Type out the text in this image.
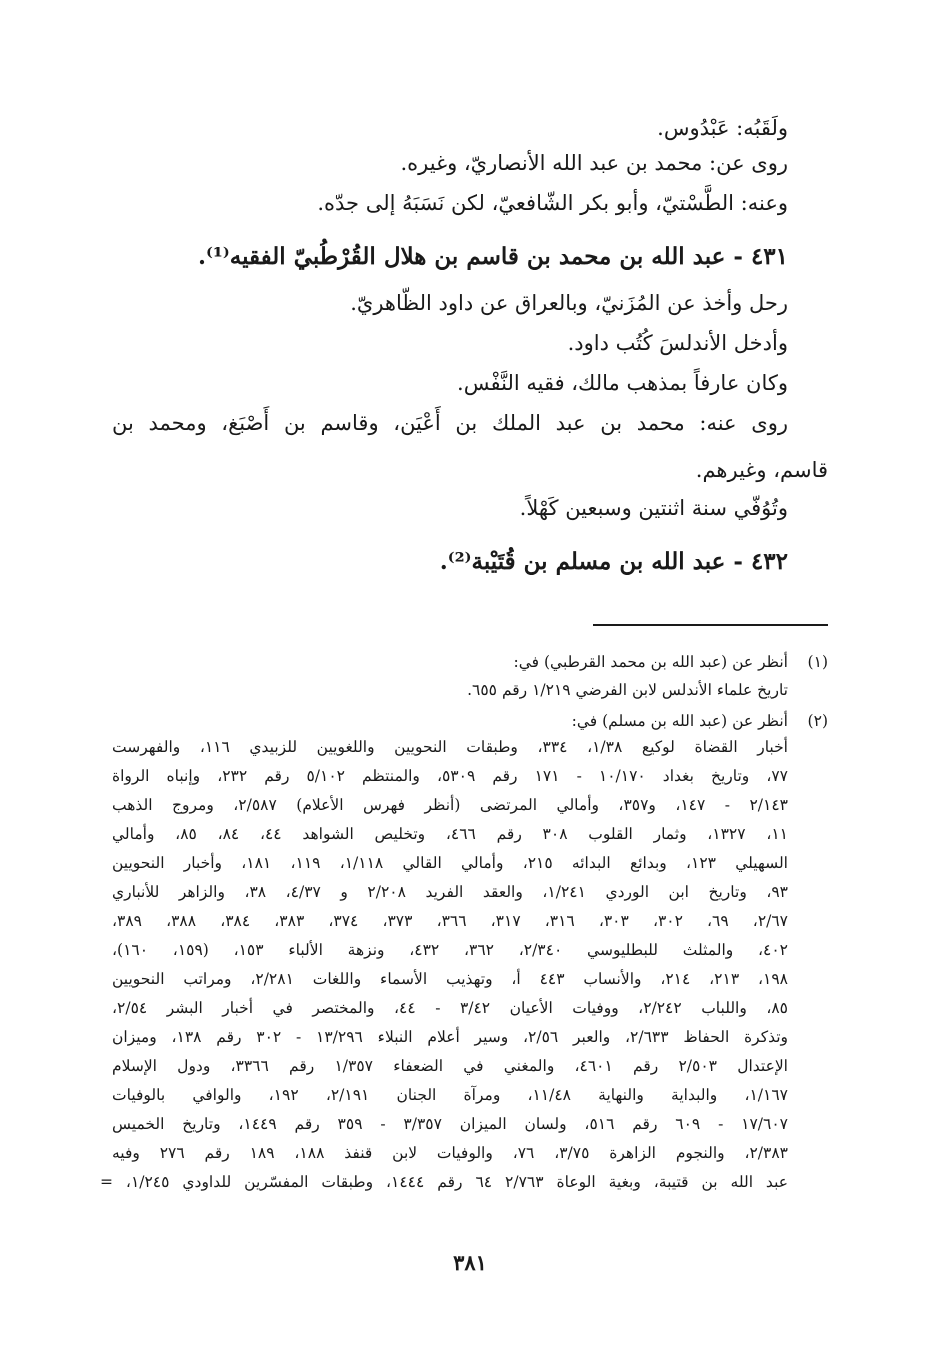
ولَقَبُه: عَبْدُوس.
روى عن: محمد بن عبد الله الأنصاريّ، وغيره.
وعنه: الطَّسْتيّ، وأبو بكر الشّافعيّ، لكن نَسَبَهُ إلى جدّه.
٤٣١ - عبد الله بن محمد بن قاسم بن هلال القُرْطُبيّ الفقيه⁽¹⁾.
رحل وأخذ عن المُزَنيّ، وبالعراق عن داود الظّاهريّ.
وأدخل الأندلسَ كُتُب داود.
وكان عارفاً بمذهب مالك، فقيه النَّفْس.
روى عنه: محمد بن عبد الملك بن أَعْيَن، وقاسم بن أَصْبَغ، ومحمد بن
قاسم، وغيرهم.
وتُوُفّي سنة اثنتين وسبعين كَهْلاً.
٤٣٢ - عبد الله بن مسلم بن قُتَيْبة⁽²⁾.
(١)
أنظر عن (عبد الله بن محمد القرطبي) في:
تاريخ علماء الأندلس لابن الفرضي ١/٢١٩ رقم ٦٥٥.
(٢)
أنظر عن (عبد الله بن مسلم) في:
أخبار القضاة لوكيع ١/٣٨، ٣٣٤، وطبقات النحويين واللغويين للزبيدي ١١٦، والفهرست
٧٧، وتاريخ بغداد ١٠/١٧٠ - ١٧١ رقم ٥٣٠٩، والمنتظم ٥/١٠٢ رقم ٢٣٢، وإنباه الرواة
٢/١٤٣ - ١٤٧، و٣٥٧، وأمالي المرتضى (أنظر فهرس الأعلام) ٢/٥٨٧، ومروج الذهب
١١، ١٣٢٧، وثمار القلوب ٣٠٨ رقم ٤٦٦، وتخليص الشواهد ٤٤، ٨٤، ٨٥، وأمالي
السهيلي ١٢٣، وبدائع البدائه ٢١٥، وأمالي القالي ١/١١٨، ١١٩، ١٨١، وأخبار النحويين
٩٣، وتاريخ ابن الوردي ١/٢٤١، والعقد الفريد ٢/٢٠٨ و ٤/٣٧، ٣٨، والزاهر للأنباري
٢/٦٧، ٦٩، ٣٠٢، ٣٠٣، ٣١٦، ٣١٧، ٣٦٦، ٣٧٣، ٣٧٤، ٣٨٣، ٣٨٤، ٣٨٨، ٣٨٩،
٤٠٢، والمثلث للبطليوسي ٢/٣٤٠، ٣٦٢، ٤٣٢، ونزهة الألباء ١٥٣، (١٥٩، ١٦٠)،
١٩٨، ٢١٣، ٢١٤، والأنساب ٤٤٣ أ، وتهذيب الأسماء واللغات ٢/٢٨١، ومراتب النحويين
٨٥، واللباب ٢/٢٤٢، ووفيات الأعيان ٣/٤٢ - ٤٤، والمختصر في أخبار البشر ٢/٥٤،
وتذكرة الحفاظ ٢/٦٣٣، والعبر ٢/٥٦، وسير أعلام النبلاء ١٣/٢٩٦ - ٣٠٢ رقم ١٣٨، وميزان
الإعتدال ٢/٥٠٣ رقم ٤٦٠١، والمغني في الضعفاء ١/٣٥٧ رقم ٣٣٦٦، ودول الإسلام
١/١٦٧، والبداية والنهاية ١١/٤٨، ومرآة الجنان ٢/١٩١، ١٩٢، والوافي بالوفيات
١٧/٦٠٧ - ٦٠٩ رقم ٥١٦، ولسان الميزان ٣/٣٥٧ - ٣٥٩ رقم ١٤٤٩، وتاريخ الخميس
٢/٣٨٣، والنجوم الزاهرة ٣/٧٥، ٧٦، والوفيات لابن قنفذ ١٨٨، ١٨٩ رقم ٢٧٦ وفيه
عبد الله بن قتيبة، وبغية الوعاة ٢/٧٦٣ ٦٤ رقم ١٤٤٤، وطبقات المفسّرين للداودي ١/٢٤٥، =
٣٨١
